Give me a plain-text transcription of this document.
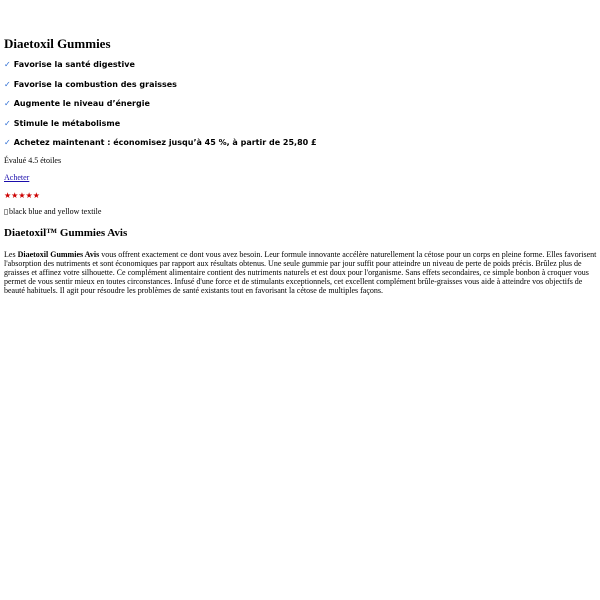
Diaetoxil Gummies
✓ Favorise la santé digestive
✓ Favorise la combustion des graisses
✓ Augmente le niveau d’énergie
✓ Stimule le métabolisme
✓ Achetez maintenant : économisez jusqu’à 45 %, à partir de 25,80 £
Évalué 4.5 étoiles
Acheter
★★★★★
black blue and yellow textile
Diaetoxil™ Gummies Avis

Les Diaetoxil Gummies Avis vous offrent exactement ce dont vous avez besoin. Leur formule innovante accélère naturellement la cétose pour un corps en pleine forme. Elles favorisent l'absorption des nutriments et sont économiques par rapport aux résultats obtenus. Une seule gummie par jour suffit pour atteindre un niveau de perte de poids précis. Brûlez plus de graisses et affinez votre silhouette. Ce complément alimentaire contient des nutriments naturels et est doux pour l'organisme. Sans effets secondaires, ce simple bonbon à croquer vous permet de vous sentir mieux en toutes circonstances. Infusé d'une force et de stimulants exceptionnels, cet excellent complément brûle-graisses vous aide à atteindre vos objectifs de beauté habituels. Il agit pour résoudre les problèmes de santé existants tout en favorisant la cétose de multiples façons.
